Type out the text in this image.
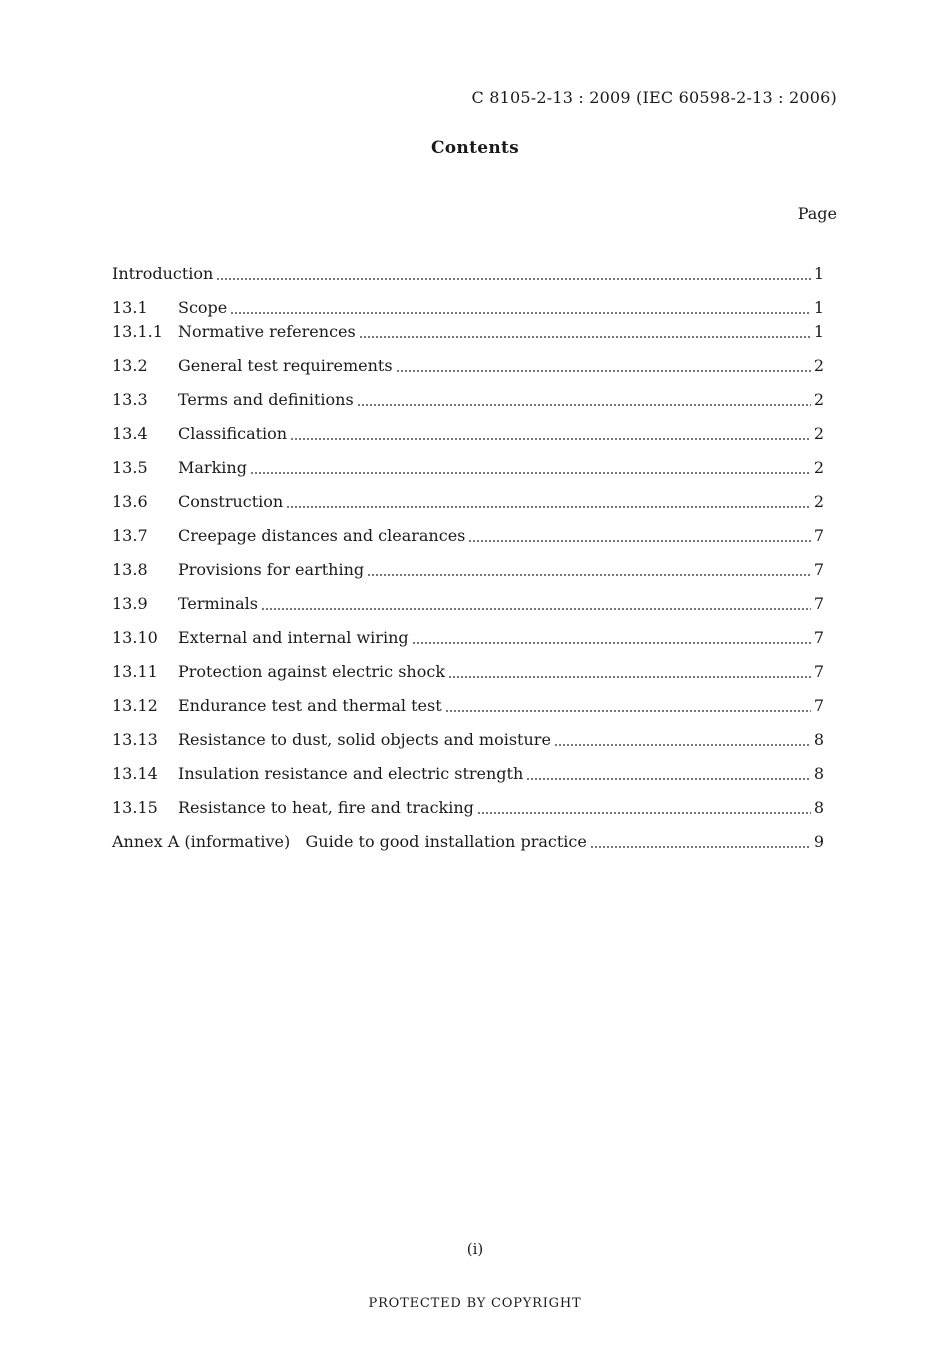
C 8105-2-13 : 2009 (IEC 60598-2-13 : 2006)
Contents
Page
Introduction	1
13.1	Scope	1
13.1.1 Normative references	1
13.2	General test requirements	2
13.3	Terms and definitions	2
13.4	Classification	2
13.5	Marking	2
13.6	Construction	2
13.7	Creepage distances and clearances	7
13.8	Provisions for earthing	7
13.9	Terminals	7
13.10	External and internal wiring	7
13.11	Protection against electric shock	7
13.12	Endurance test and thermal test	7
13.13	Resistance to dust, solid objects and moisture	8
13.14	Insulation resistance and electric strength	8
13.15	Resistance to heat, fire and tracking	8
Annex A (informative)   Guide to good installation practice	9
(i)
PROTECTED BY COPYRIGHT
